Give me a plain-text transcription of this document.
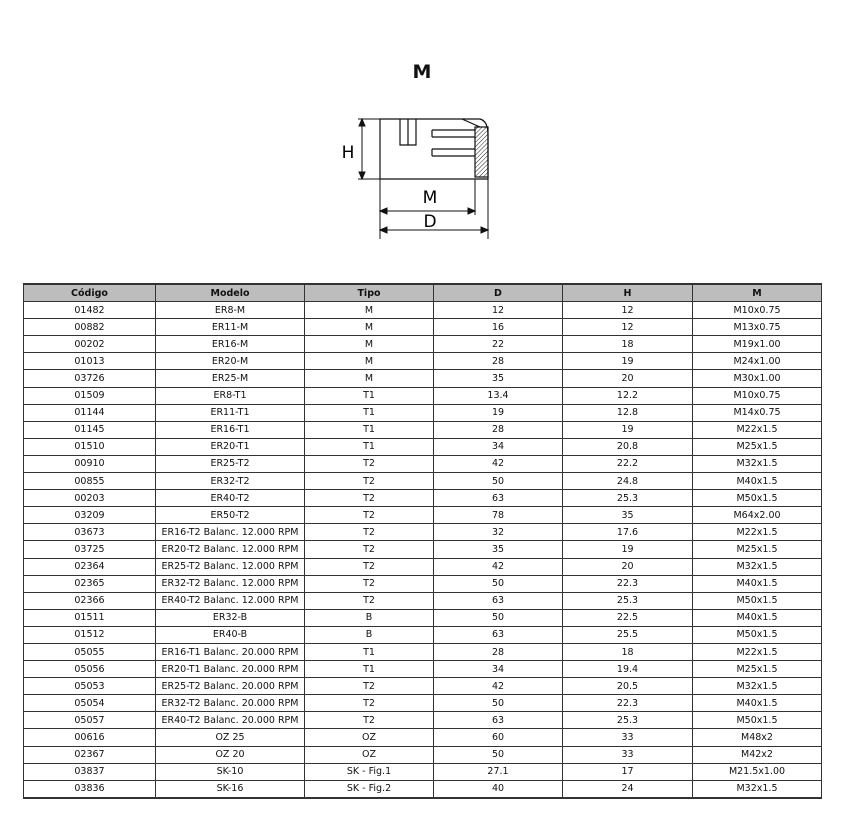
M
H
M
D
Código	Modelo	Tipo	D	H	M
01482	ER8-M	M	12	12	M10x0.75
00882	ER11-M	M	16	12	M13x0.75
00202	ER16-M	M	22	18	M19x1.00
01013	ER20-M	M	28	19	M24x1.00
03726	ER25-M	M	35	20	M30x1.00
01509	ER8-T1	T1	13.4	12.2	M10x0.75
01144	ER11-T1	T1	19	12.8	M14x0.75
01145	ER16-T1	T1	28	19	M22x1.5
01510	ER20-T1	T1	34	20.8	M25x1.5
00910	ER25-T2	T2	42	22.2	M32x1.5
00855	ER32-T2	T2	50	24.8	M40x1.5
00203	ER40-T2	T2	63	25.3	M50x1.5
03209	ER50-T2	T2	78	35	M64x2.00
03673	ER16-T2 Balanc. 12.000 RPM	T2	32	17.6	M22x1.5
03725	ER20-T2 Balanc. 12.000 RPM	T2	35	19	M25x1.5
02364	ER25-T2 Balanc. 12.000 RPM	T2	42	20	M32x1.5
02365	ER32-T2 Balanc. 12.000 RPM	T2	50	22.3	M40x1.5
02366	ER40-T2 Balanc. 12.000 RPM	T2	63	25.3	M50x1.5
01511	ER32-B	B	50	22.5	M40x1.5
01512	ER40-B	B	63	25.5	M50x1.5
05055	ER16-T1 Balanc. 20.000 RPM	T1	28	18	M22x1.5
05056	ER20-T1 Balanc. 20.000 RPM	T1	34	19.4	M25x1.5
05053	ER25-T2 Balanc. 20.000 RPM	T2	42	20.5	M32x1.5
05054	ER32-T2 Balanc. 20.000 RPM	T2	50	22.3	M40x1.5
05057	ER40-T2 Balanc. 20.000 RPM	T2	63	25.3	M50x1.5
00616	OZ 25	OZ	60	33	M48x2
02367	OZ 20	OZ	50	33	M42x2
03837	SK-10	SK - Fig.1	27.1	17	M21.5x1.00
03836	SK-16	SK - Fig.2	40	24	M32x1.5
